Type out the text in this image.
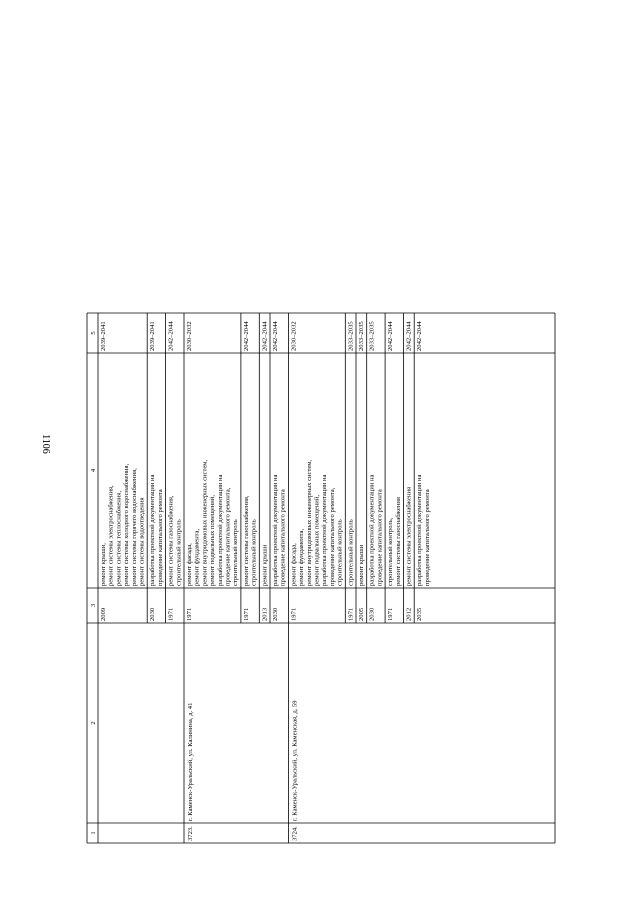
1106
1
2
3
4
5
2009
ремонт крыши, ремонт системы электроснабжения, ремонт системы теплоснабжения, ремонт системы холодного водоснабжения, ремонт системы горячего водоснабжения, ремонт системы водоотведения
2039–2041
2030
разработка проектной документации на проведение капитального ремонта
2039–2041
1971
ремонт системы газоснабжения, строительный контроль
2042–2044
3723.
г. Каменск-Уральский, ул. Калинина, д. 41
1971
ремонт фасада, ремонт фундамента, ремонт внутридомовых инженерных систем, ремонт подвальных помещений, разработка проектной документации на проведение капитального ремонта, строительный контроль
2030–2032
1971
ремонт системы газоснабжения, строительный контроль
2042–2044
2013
ремонт крыши
2042–2044
2030
разработка проектной документации на проведение капитального ремонта
2042–2044
3724.
г. Каменск-Уральский, ул. Каменская, д. 59
1971
ремонт фасада, ремонт фундамента, ремонт внутридомовых инженерных систем, ремонт подвальных помещений, разработка проектной документации на проведение капитального ремонта, строительный контроль
2030–2032
1971
строительный контроль
2033–2035
2005
ремонт крыши
2033–2035
2030
разработка проектной документации на проведение капитального ремонта
2033–2035
1971
строительный контроль, ремонт системы газоснабжения
2042–2044
2012
ремонт системы электроснабжения
2042–2044
2035
разработка проектной документации на проведение капитального ремонта
2042–2044
